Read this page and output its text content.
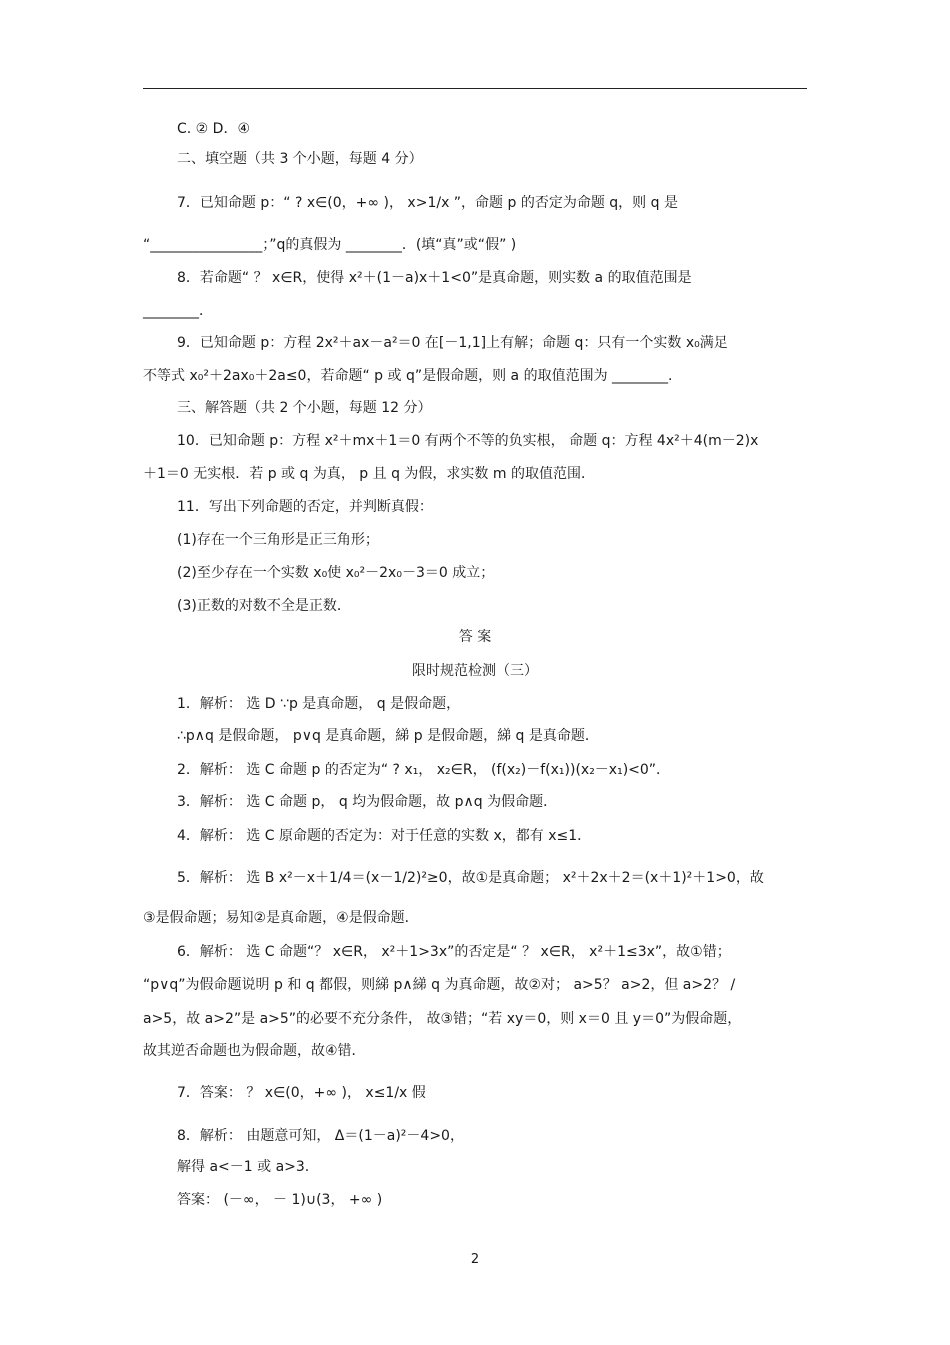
C. ② D．④
二、填空题（共 3 个小题，每题 4 分）
7．已知命题 p：“ ? x∈(0，+∞ )， x>1/x ”，命题 p 的否定为命题 q，则 q 是
“________________；”q的真假为 ________．(填“真”或“假” )
8．若命题“ ？ x∈R，使得 x²＋(1－a)x＋1<0”是真命题，则实数 a 的取值范围是
________．
9．已知命题 p：方程 2x²＋ax－a²＝0 在[－1,1]上有解；命题 q：只有一个实数 x₀满足
不等式 x₀²＋2ax₀＋2a≤0，若命题“ p 或 q”是假命题，则 a 的取值范围为 ________.
三、解答题（共 2 个小题，每题 12 分）
10．已知命题 p：方程 x²＋mx＋1＝0 有两个不等的负实根， 命题 q：方程 4x²＋4(m－2)x
＋1＝0 无实根．若 p 或 q 为真， p 且 q 为假，求实数 m 的取值范围．
11．写出下列命题的否定，并判断真假：
(1)存在一个三角形是正三角形；
(2)至少存在一个实数 x₀使 x₀²－2x₀－3＝0 成立；
(3)正数的对数不全是正数．
答 案
限时规范检测（三）
1．解析： 选 D ∵p 是真命题， q 是假命题，
∴p∧q 是假命题， p∨q 是真命题，綈 p 是假命题，綈 q 是真命题．
2．解析： 选 C 命题 p 的否定为“ ? x₁， x₂∈R， (f(x₂)－f(x₁))(x₂－x₁)<0”．
3．解析： 选 C 命题 p， q 均为假命题，故 p∧q 为假命题．
4．解析： 选 C 原命题的否定为：对于任意的实数 x，都有 x≤1．
5．解析： 选 B x²－x＋1/4＝(x－1/2)²≥0，故①是真命题； x²＋2x＋2＝(x＋1)²＋1>0，故
③是假命题；易知②是真命题，④是假命题．
6．解析： 选 C 命题“？ x∈R， x²＋1>3x”的否定是“ ？ x∈R， x²＋1≤3x”，故①错；
“p∨q”为假命题说明 p 和 q 都假，则綈 p∧綈 q 为真命题，故②对； a>5？ a>2，但 a>2？ /
a>5，故 a>2”是 a>5”的必要不充分条件， 故③错；“若 xy＝0，则 x＝0 且 y＝0”为假命题，
故其逆否命题也为假命题，故④错．
7．答案： ？ x∈(0，+∞ )， x≤1/x 假
8．解析： 由题意可知， Δ＝(1－a)²－4>0，
解得 a<－1 或 a>3.
答案： (－∞， － 1)∪(3， +∞ )
2
